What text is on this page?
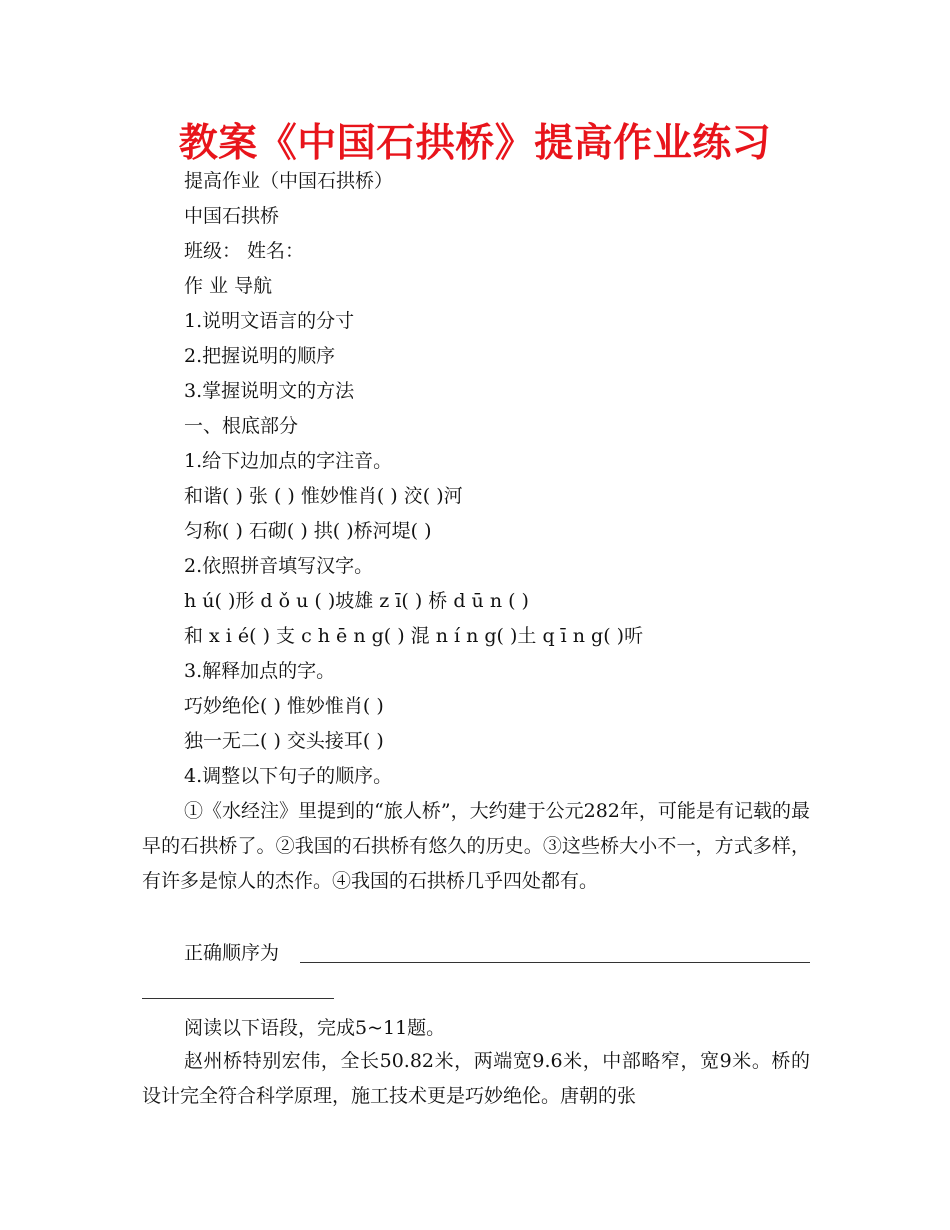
教案《中国石拱桥》提高作业练习
提高作业（中国石拱桥）
中国石拱桥
班级： 姓名：
作 业 导航
1.说明文语言的分寸
2.把握说明的顺序
3.掌握说明文的方法
一、根底部分
1.给下边加点的字注音。
和谐( ) 张 ( ) 惟妙惟肖( ) 洨( )河
匀称( ) 石砌( ) 拱( )桥河堤( )
2.依照拼音填写汉字。
h ú( )形 d ǒ u ( )坡雄 z ī( ) 桥 d ū n ( )
和 x i é( ) 支 c h ē n g( ) 混 n í n g( )土 q ī n g( )听
3.解释加点的字。
巧妙绝伦( ) 惟妙惟肖( )
独一无二( ) 交头接耳( )
4.调整以下句子的顺序。
①《水经注》里提到的“旅人桥”，大约建于公元282年，可能是有记载的最早的石拱桥了。②我国的石拱桥有悠久的历史。③这些桥大小不一，方式多样，有许多是惊人的杰作。④我国的石拱桥几乎四处都有。
正确顺序为
阅读以下语段，完成5~11题。
赵州桥特别宏伟，全长50.82米，两端宽9.6米，中部略窄，宽9米。桥的设计完全符合科学原理，施工技术更是巧妙绝伦。唐朝的张
